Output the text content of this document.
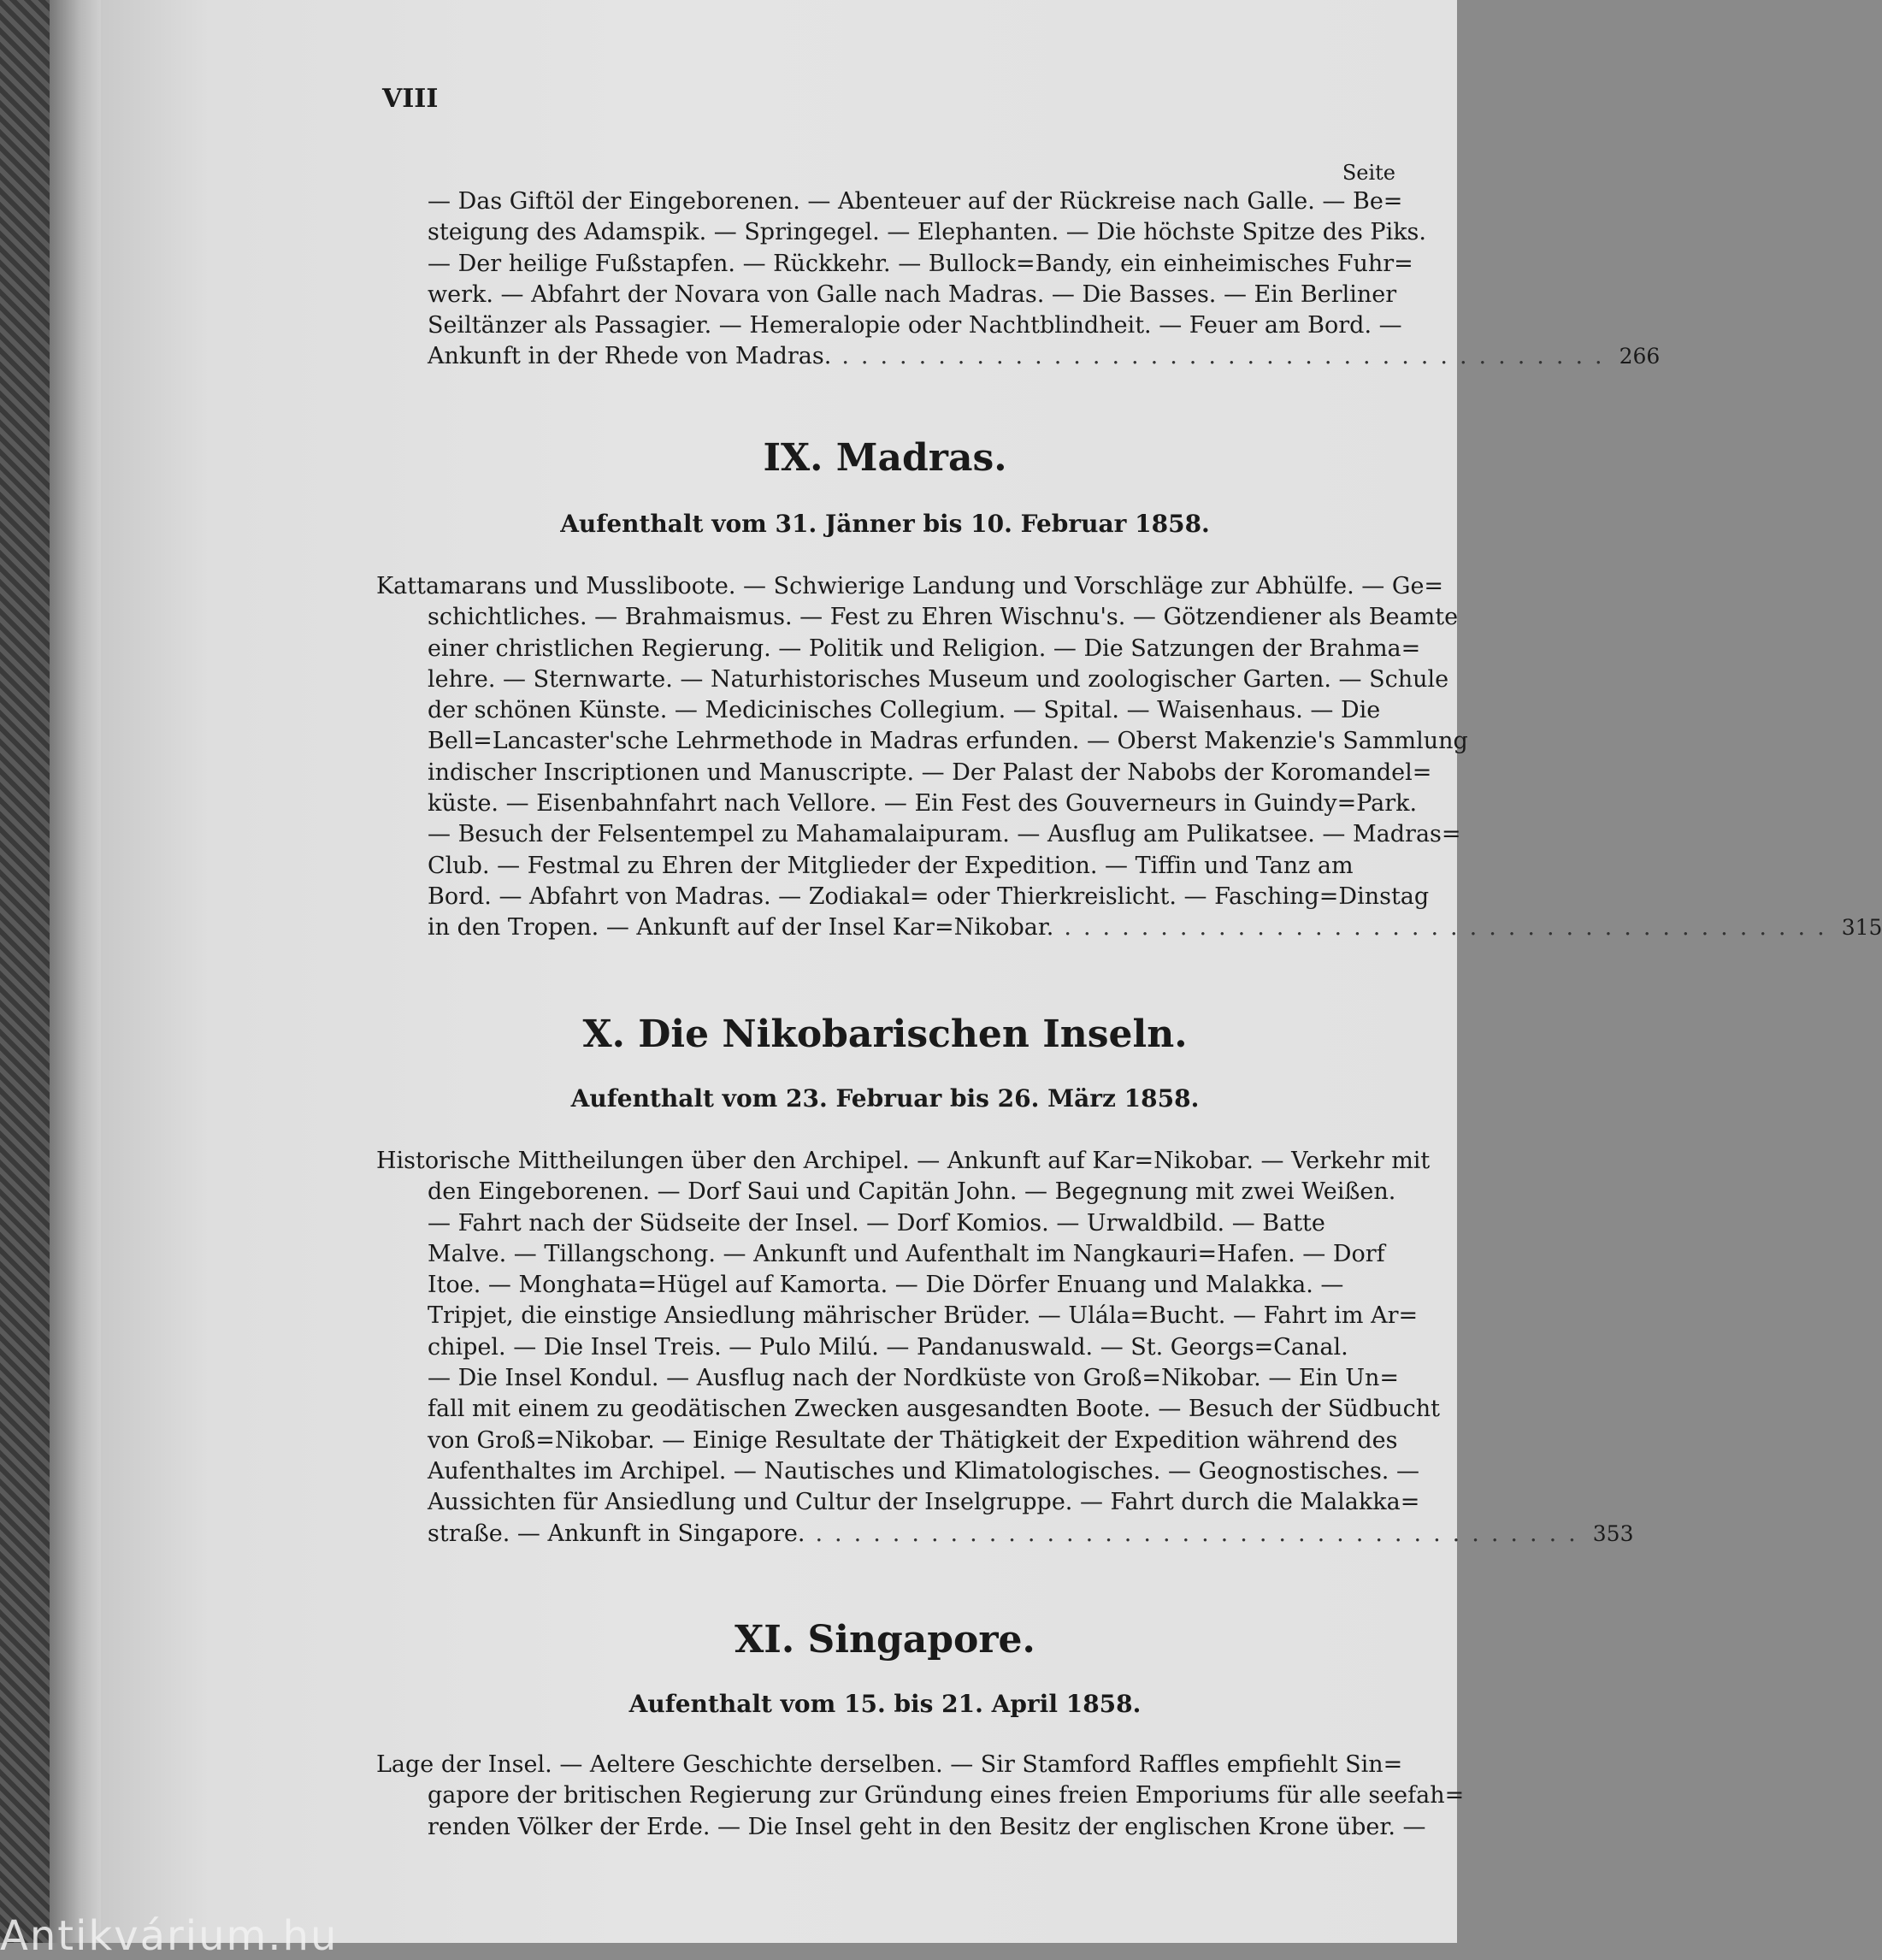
VIII
Seite
— Das Giftöl der Eingeborenen. — Abenteuer auf der Rückreise nach Galle. — Be=
steigung des Adamspik. — Springegel. — Elephanten. — Die höchste Spitze des Piks.
— Der heilige Fußstapfen. — Rückkehr. — Bullock=Bandy, ein einheimisches Fuhr=
werk. — Abfahrt der Novara von Galle nach Madras. — Die Basses. — Ein Berliner
Seiltänzer als Passagier. — Hemeralopie oder Nachtblindheit. — Feuer am Bord. —
Ankunft in der Rhede von Madras. ........................................ 266
IX. Madras.
Aufenthalt vom 31. Jänner bis 10. Februar 1858.
Kattamarans und Mussliboote. — Schwierige Landung und Vorschläge zur Abhülfe. — Ge=
schichtliches. — Brahmaismus. — Fest zu Ehren Wischnu's. — Götzendiener als Beamte
einer christlichen Regierung. — Politik und Religion. — Die Satzungen der Brahma=
lehre. — Sternwarte. — Naturhistorisches Museum und zoologischer Garten. — Schule
der schönen Künste. — Medicinisches Collegium. — Spital. — Waisenhaus. — Die
Bell=Lancaster'sche Lehrmethode in Madras erfunden. — Oberst Makenzie's Sammlung
indischer Inscriptionen und Manuscripte. — Der Palast der Nabobs der Koromandel=
küste. — Eisenbahnfahrt nach Vellore. — Ein Fest des Gouverneurs in Guindy=Park.
— Besuch der Felsentempel zu Mahamalaipuram. — Ausflug am Pulikatsee. — Madras=
Club. — Festmal zu Ehren der Mitglieder der Expedition. — Tiffin und Tanz am
Bord. — Abfahrt von Madras. — Zodiakal= oder Thierkreislicht. — Fasching=Dinstag
in den Tropen. — Ankunft auf der Insel Kar=Nikobar. ........................................ 315
X. Die Nikobarischen Inseln.
Aufenthalt vom 23. Februar bis 26. März 1858.
Historische Mittheilungen über den Archipel. — Ankunft auf Kar=Nikobar. — Verkehr mit
den Eingeborenen. — Dorf Saui und Capitän John. — Begegnung mit zwei Weißen.
— Fahrt nach der Südseite der Insel. — Dorf Komios. — Urwaldbild. — Batte
Malve. — Tillangschong. — Ankunft und Aufenthalt im Nangkauri=Hafen. — Dorf
Itoe. — Monghata=Hügel auf Kamorta. — Die Dörfer Enuang und Malakka. —
Tripjet, die einstige Ansiedlung mährischer Brüder. — Ulála=Bucht. — Fahrt im Ar=
chipel. — Die Insel Treis. — Pulo Milú. — Pandanuswald. — St. Georgs=Canal.
— Die Insel Kondul. — Ausflug nach der Nordküste von Groß=Nikobar. — Ein Un=
fall mit einem zu geodätischen Zwecken ausgesandten Boote. — Besuch der Südbucht
von Groß=Nikobar. — Einige Resultate der Thätigkeit der Expedition während des
Aufenthaltes im Archipel. — Nautisches und Klimatologisches. — Geognostisches. —
Aussichten für Ansiedlung und Cultur der Inselgruppe. — Fahrt durch die Malakka=
straße. — Ankunft in Singapore. ........................................ 353
XI. Singapore.
Aufenthalt vom 15. bis 21. April 1858.
Lage der Insel. — Aeltere Geschichte derselben. — Sir Stamford Raffles empfiehlt Sin=
gapore der britischen Regierung zur Gründung eines freien Emporiums für alle seefah=
renden Völker der Erde. — Die Insel geht in den Besitz der englischen Krone über. —
Antikvárium.hu
